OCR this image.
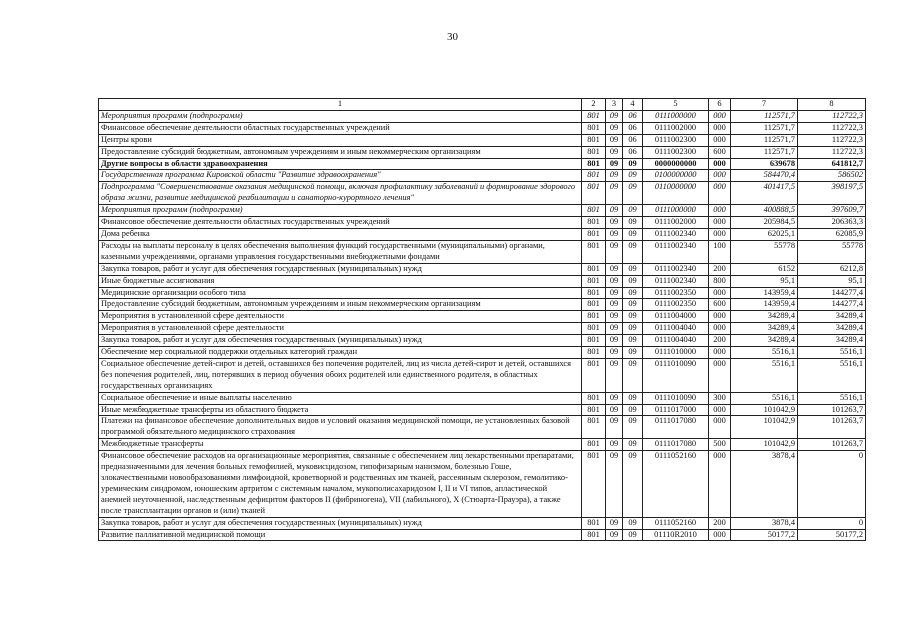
30
1	2	3	4	5	6	7	8
Мероприятия программ (подпрограмм)	801	09	06	0111000000	000	112571,7	112722,3
Финансовое обеспечение деятельности областных государственных учреждений	801	09	06	0111002000	000	112571,7	112722,3
Центры крови	801	09	06	0111002300	000	112571,7	112722,3
Предоставление субсидий бюджетным, автономным учреждениям и иным некоммерческим организациям	801	09	06	0111002300	600	112571,7	112722,3
Другие вопросы в области здравоохранения	801	09	09	0000000000	000	639678	641812,7
Государственная программа Кировской области "Развитие здравоохранения"	801	09	09	0100000000	000	584470,4	586502
Подпрограмма "Совершенствование оказания медицинской помощи, включая профилактику заболеваний и формирование здорового образа жизни, развитие медицинской реабилитации и санаторно-курортного лечения"	801	09	09	0110000000	000	401417,5	398197,5
Мероприятия программ (подпрограмм)	801	09	09	0111000000	000	400888,5	397609,7
Финансовое обеспечение деятельности областных государственных учреждений	801	09	09	0111002000	000	205984,5	206363,3
Дома ребенка	801	09	09	0111002340	000	62025,1	62085,9
Расходы на выплаты персоналу в целях обеспечения выполнения функций государственными (муниципальными) органами, казенными учреждениями, органами управления государственными внебюджетными фондами	801	09	09	0111002340	100	55778	55778
Закупка товаров, работ и услуг для обеспечения государственных (муниципальных) нужд	801	09	09	0111002340	200	6152	6212,8
Иные бюджетные ассигнования	801	09	09	0111002340	800	95,1	95,1
Медицинские организации особого типа	801	09	09	0111002350	000	143959,4	144277,4
Предоставление субсидий бюджетным, автономным учреждениям и иным некоммерческим организациям	801	09	09	0111002350	600	143959,4	144277,4
Мероприятия в установленной сфере деятельности	801	09	09	0111004000	000	34289,4	34289,4
Мероприятия в установленной сфере деятельности	801	09	09	0111004040	000	34289,4	34289,4
Закупка товаров, работ и услуг для обеспечения государственных (муниципальных) нужд	801	09	09	0111004040	200	34289,4	34289,4
Обеспечение мер социальной поддержки отдельных категорий граждан	801	09	09	0111010000	000	5516,1	5516,1
Социальное обеспечение детей-сирот и детей, оставшихся без попечения родителей, лиц из числа детей-сирот и детей, оставшихся без попечения родителей, лиц, потерявших в период обучения обоих родителей или единственного родителя, в областных государственных организациях	801	09	09	0111010090	000	5516,1	5516,1
Социальное обеспечение и иные выплаты населению	801	09	09	0111010090	300	5516,1	5516,1
Иные межбюджетные трансферты из областного бюджета	801	09	09	0111017000	000	101042,9	101263,7
Платежи на финансовое обеспечение дополнительных видов и условий оказания медицинской помощи, не установленных базовой программой обязательного медицинского страхования	801	09	09	0111017080	000	101042,9	101263,7
Межбюджетные трансферты	801	09	09	0111017080	500	101042,9	101263,7
Финансовое обеспечение расходов на организационные мероприятия, связанные с обеспечением лиц лекарственными препаратами, предназначенными для лечения больных гемофилией, муковисцидозом, гипофизарным нанизмом, болезнью Гоше, злокачественными новообразованиями лимфоидной, кроветворной и родственных им тканей, рассеянным склерозом, гемолитико-уремическим синдромом, юношеским артритом с системным началом, мукополисахаридозом I, II и VI типов, апластической анемией неуточненной, наследственным дефицитом факторов II (фибриногена), VII (лабильного), X (Стюарта-Прауэра), а также после трансплантации органов и (или) тканей	801	09	09	0111052160	000	3878,4	0
Закупка товаров, работ и услуг для обеспечения государственных (муниципальных) нужд	801	09	09	0111052160	200	3878,4	0
Развитие паллиативной медицинской помощи	801	09	09	01110R2010	000	50177,2	50177,2
